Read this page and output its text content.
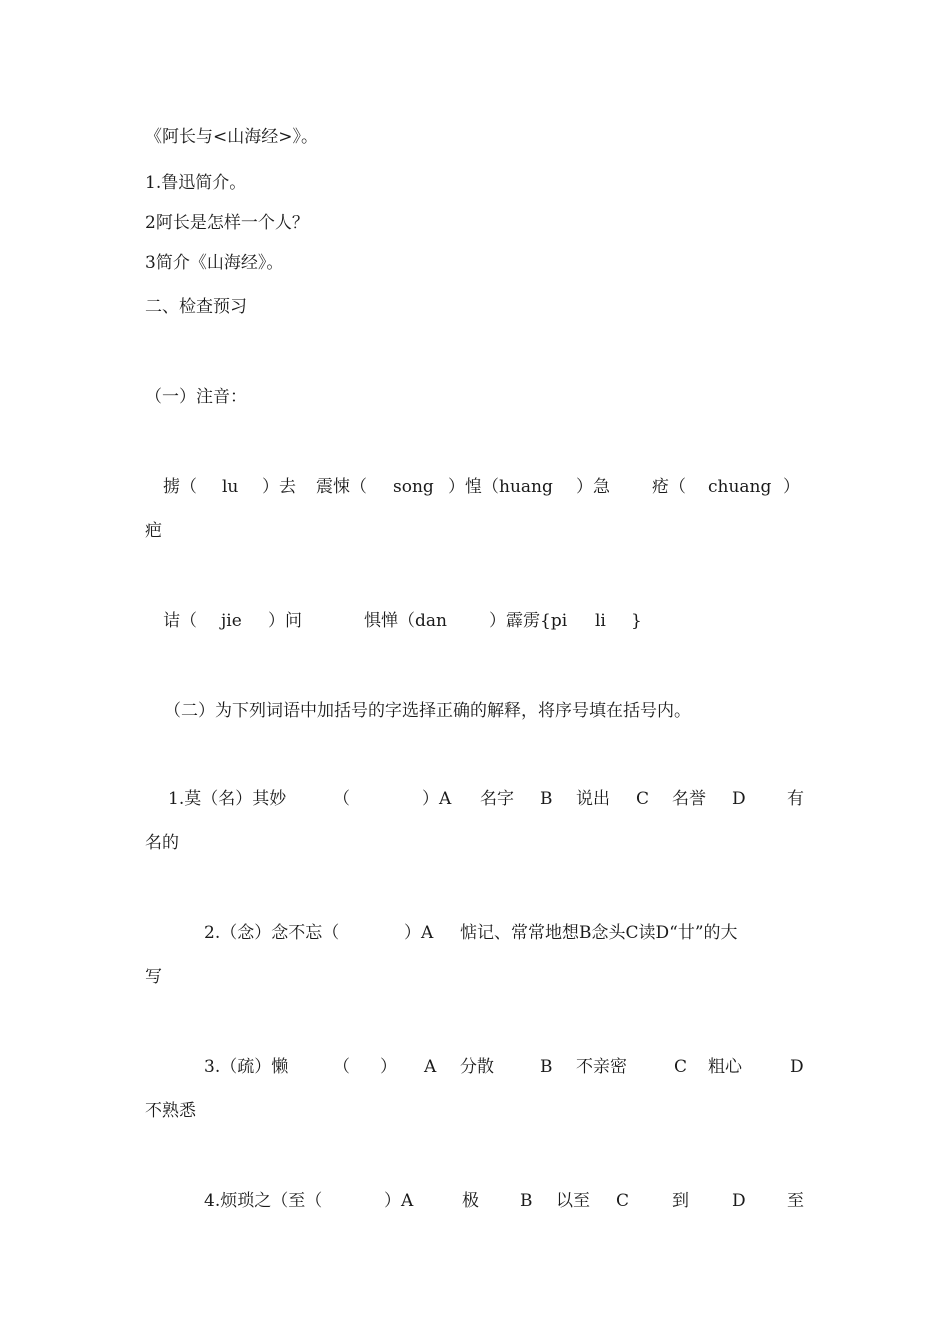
《阿长与<山海经>》。
1.鲁迅简介。
2阿长是怎样一个人？
3简介《山海经》。
二、检查预习
（一）注音：
掳（ lu ）去 震悚（ song ）惶（huang ）急 疮（ chuang ）
疤
诘（ jie ）问	惧惮（dan ）霹雳{pi li }
（二）为下列词语中加括号的字选择正确的解释，将序号填在括号内。
1.莫（名）其妙	（	）A 名字 B 说出 C 名誉 D 有
名的
2.（念）念不忘（	）A 惦记、常常地想B念头C读D“廿”的大
写
3.（疏）懒	（ ） A 分散	B 不亲密	C 粗心	D
不熟悉
4.烦琐之（至（	）A	极 B 以至 C	到	D 至
